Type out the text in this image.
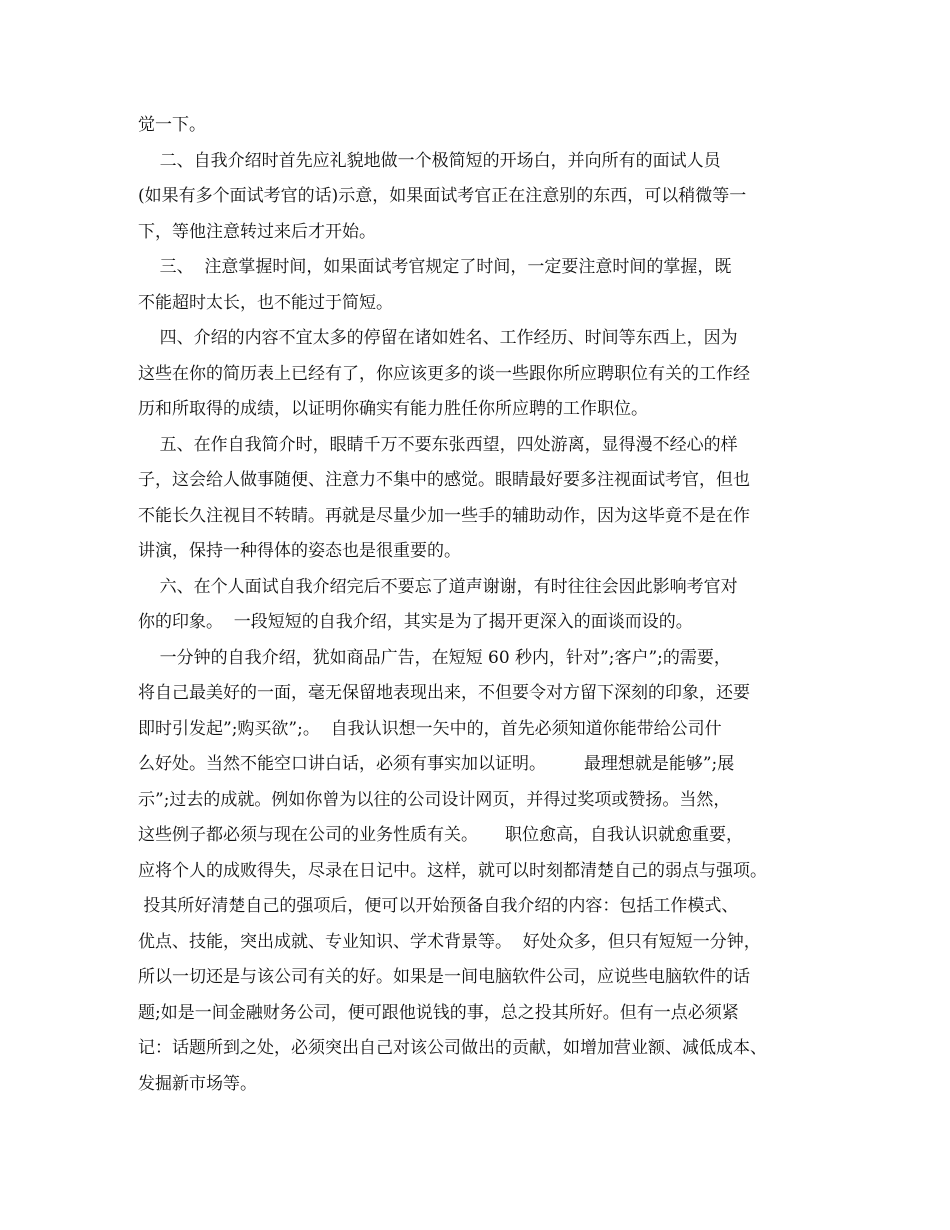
觉一下。
二、自我介绍时首先应礼貌地做一个极简短的开场白，并向所有的面试人员
(如果有多个面试考官的话)示意，如果面试考官正在注意别的东西，可以稍微等一
下，等他注意转过来后才开始。
三、  注意掌握时间，如果面试考官规定了时间，一定要注意时间的掌握，既
不能超时太长，也不能过于简短。
四、介绍的内容不宜太多的停留在诸如姓名、工作经历、时间等东西上，因为
这些在你的简历表上已经有了，你应该更多的谈一些跟你所应聘职位有关的工作经
历和所取得的成绩，以证明你确实有能力胜任你所应聘的工作职位。
五、在作自我简介时，眼睛千万不要东张西望，四处游离，显得漫不经心的样
子，这会给人做事随便、注意力不集中的感觉。眼睛最好要多注视面试考官，但也
不能长久注视目不转睛。再就是尽量少加一些手的辅助动作，因为这毕竟不是在作
讲演，保持一种得体的姿态也是很重要的。
六、在个人面试自我介绍完后不要忘了道声谢谢，有时往往会因此影响考官对
你的印象。  一段短短的自我介绍，其实是为了揭开更深入的面谈而设的。
一分钟的自我介绍，犹如商品广告，在短短 60 秒内，针对”;客户”;的需要，
将自己最美好的一面，毫无保留地表现出来，不但要令对方留下深刻的印象，还要
即时引发起”;购买欲”;。  自我认识想一矢中的，首先必须知道你能带给公司什
么好处。当然不能空口讲白话，必须有事实加以证明。       最理想就是能够”;展
示”;过去的成就。例如你曾为以往的公司设计网页，并得过奖项或赞扬。当然，
这些例子都必须与现在公司的业务性质有关。     职位愈高，自我认识就愈重要，
应将个人的成败得失，尽录在日记中。这样，就可以时刻都清楚自己的弱点与强项。
投其所好清楚自己的强项后，便可以开始预备自我介绍的内容：包括工作模式、
优点、技能，突出成就、专业知识、学术背景等。  好处众多，但只有短短一分钟，
所以一切还是与该公司有关的好。如果是一间电脑软件公司，应说些电脑软件的话
题;如是一间金融财务公司，便可跟他说钱的事，总之投其所好。但有一点必须紧
记：话题所到之处，必须突出自己对该公司做出的贡献，如增加营业额、减低成本、
发掘新市场等。
